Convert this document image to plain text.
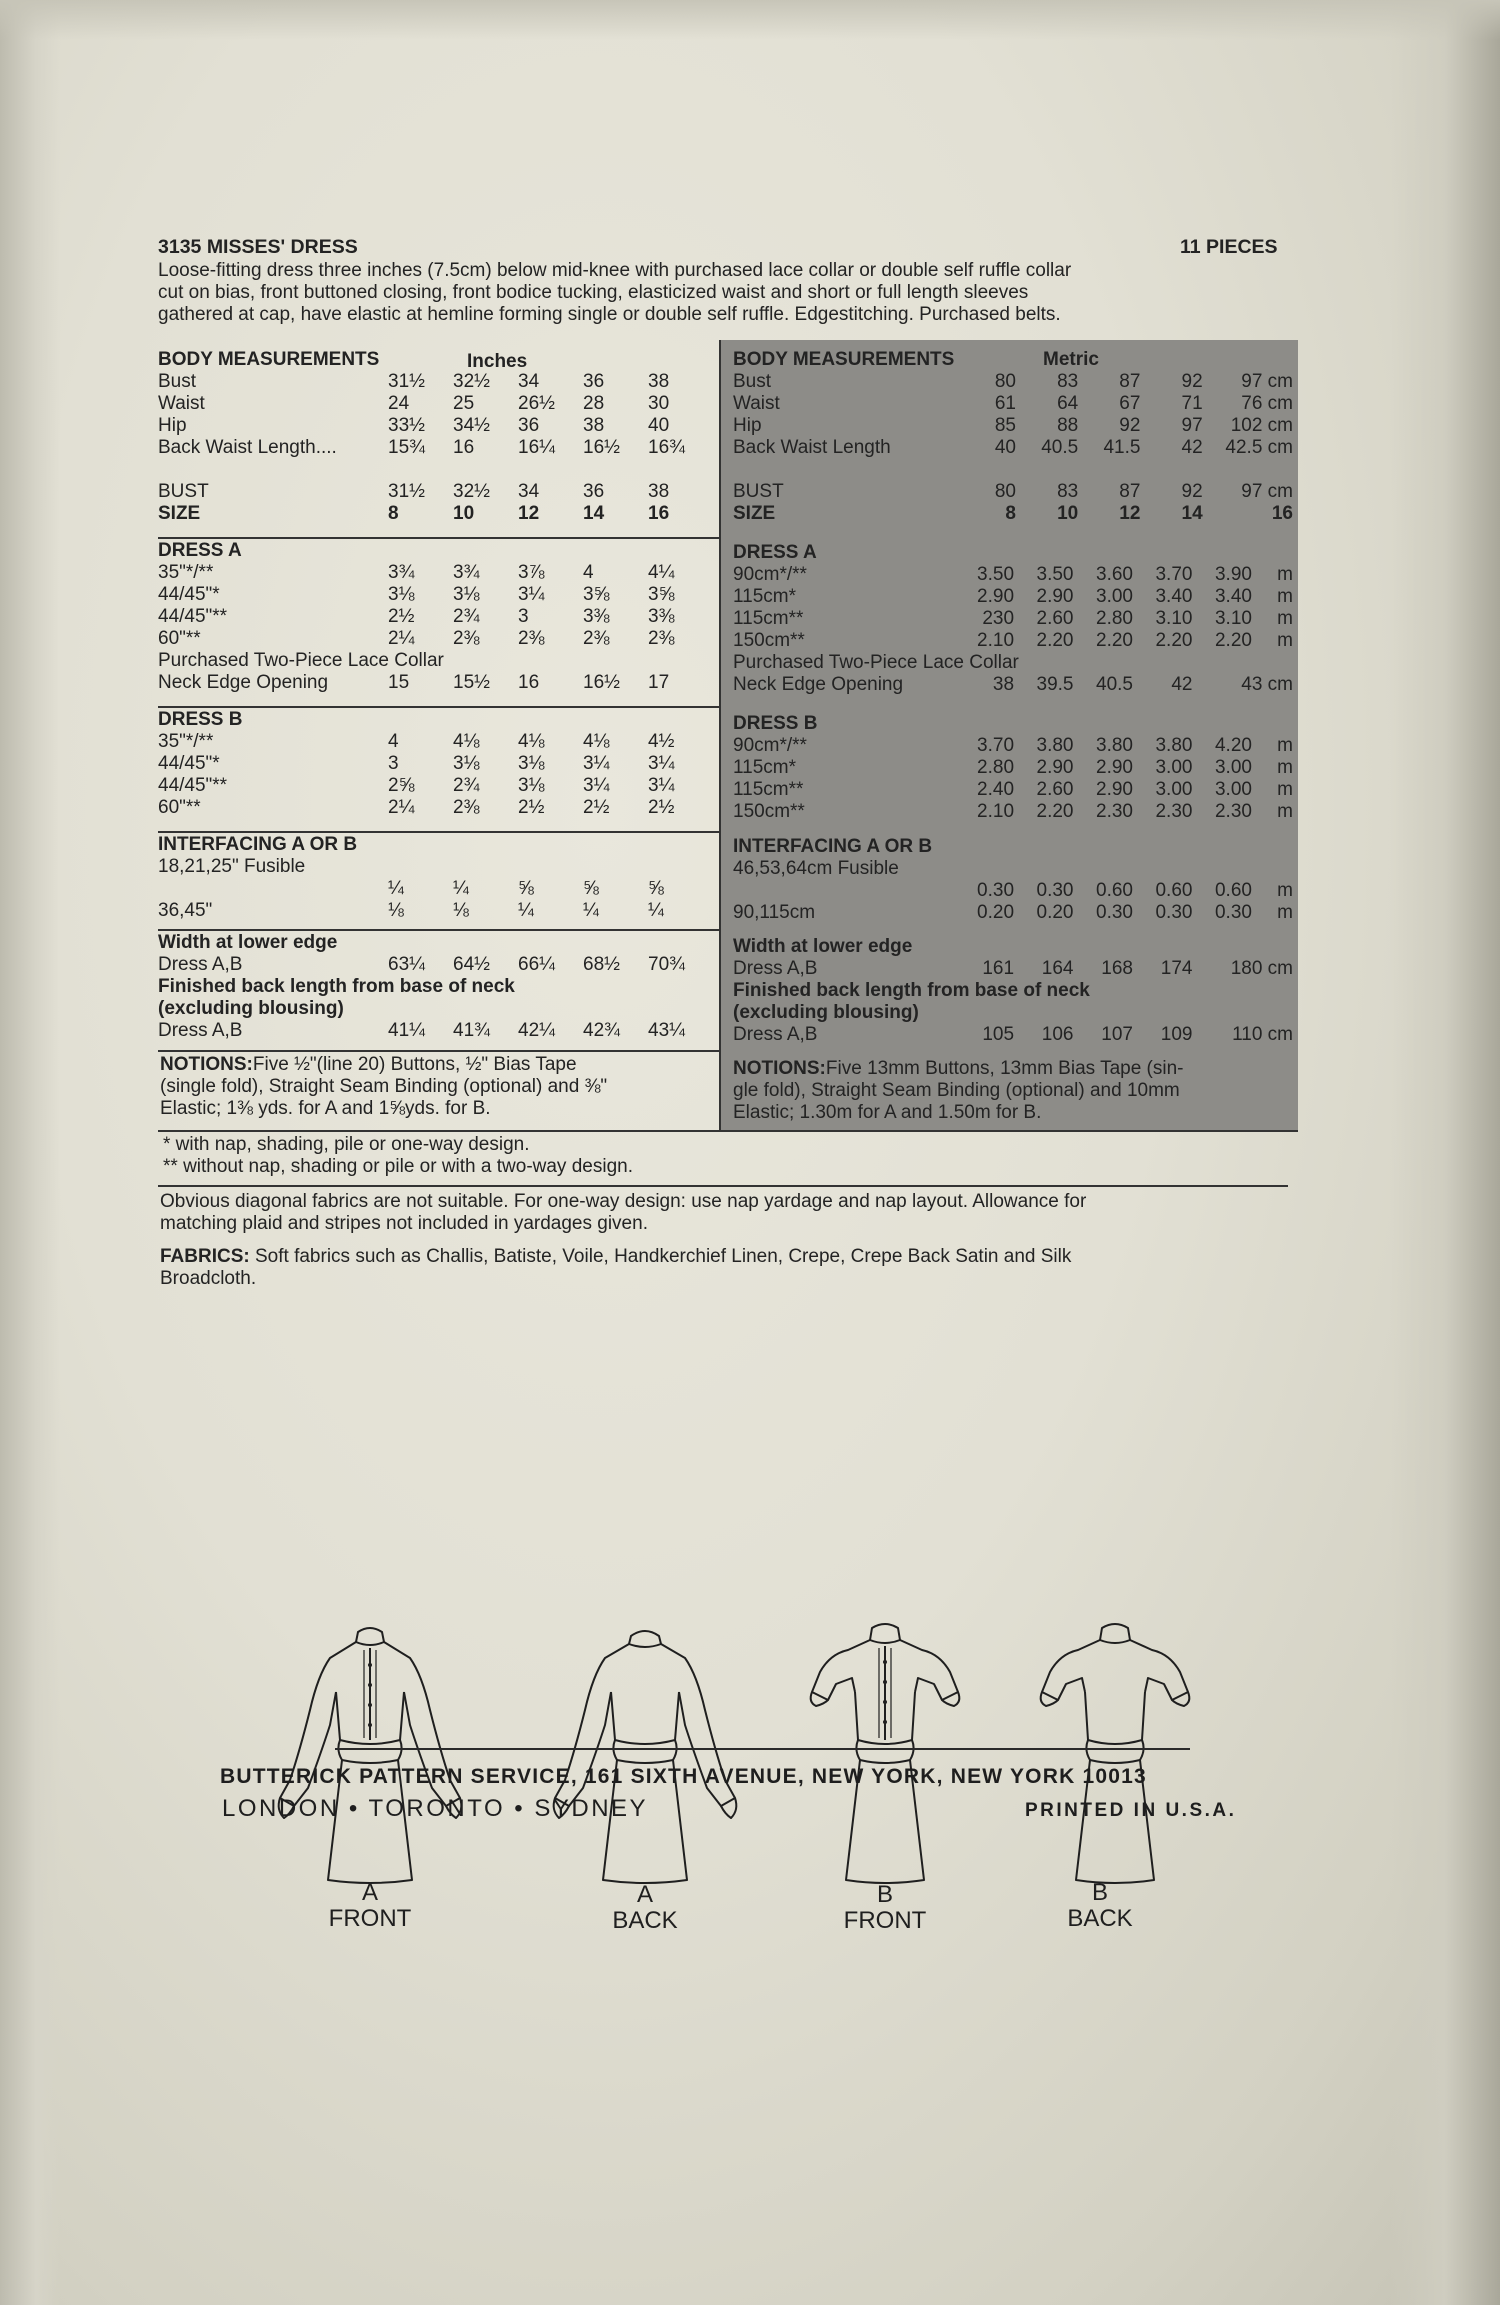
3135 MISSES' DRESS	11 PIECES
Loose-fitting dress three inches (7.5cm) below mid-knee with purchased lace collar or double self ruffle collar
cut on bias, front buttoned closing, front bodice tucking, elasticized waist and short or full length sleeves
gathered at cap, have elastic at hemline forming single or double self ruffle. Edgestitching. Purchased belts.
BODY MEASUREMENTS	Inches
Bust	31½	32½	34	36	38
Waist	24	25	26½	28	30
Hip	33½	34½	36	38	40
Back Waist Length....	15¾	16	16¼	16½	16¾

BUST	31½	32½	34	36	38
SIZE	8	10	12	14	16
DRESS A					
35"*/**	3¾	3¾	3⅞	4	4¼
44/45"*	3⅛	3⅛	3¼	3⅝	3⅝
44/45"**	2½	2¾	3	3⅜	3⅜
60"**	2¼	2⅜	2⅜	2⅜	2⅜
Purchased Two-Piece Lace Collar					
Neck Edge Opening	15	15½	16	16½	17
DRESS B					
35"*/**	4	4⅛	4⅛	4⅛	4½
44/45"*	3	3⅛	3⅛	3¼	3¼
44/45"**	2⅝	2¾	3⅛	3¼	3¼
60"**	2¼	2⅜	2½	2½	2½
INTERFACING A OR B					
18,21,25" Fusible					
	¼	¼	⅝	⅝	⅝
36,45"	⅛	⅛	¼	¼	¼
Width at lower edge					
Dress A,B	63¼	64½	66¼	68½	70¾
Finished back length from base of neck					
(excluding blousing)					
Dress A,B	41¼	41¾	42¼	42¾	43¼
NOTIONS:Five ½"(line 20) Buttons, ½" Bias Tape
(single fold), Straight Seam Binding (optional) and ⅜"
Elastic; 1⅜ yds. for A and 1⅝yds. for B.
BODY MEASUREMENTS	Metric
Bust	80	83	87	92	97 cm
Waist	61	64	67	71	76 cm
Hip	85	88	92	97	102 cm
Back Waist Length	40	40.5	41.5	42	42.5 cm

BUST	80	83	87	92	97 cm
SIZE	8	10	12	14	16
DRESS A						
90cm*/**	3.50	3.50	3.60	3.70	3.90	m
115cm*	2.90	2.90	3.00	3.40	3.40	m
115cm**	230	2.60	2.80	3.10	3.10	m
150cm**	2.10	2.20	2.20	2.20	2.20	m
Purchased Two-Piece Lace Collar						
Neck Edge Opening	38	39.5	40.5	42	43 cm	
DRESS B						
90cm*/**	3.70	3.80	3.80	3.80	4.20	m
115cm*	2.80	2.90	2.90	3.00	3.00	m
115cm**	2.40	2.60	2.90	3.00	3.00	m
150cm**	2.10	2.20	2.30	2.30	2.30	m
INTERFACING A OR B						
46,53,64cm Fusible						
	0.30	0.30	0.60	0.60	0.60	m
90,115cm	0.20	0.20	0.30	0.30	0.30	m
Width at lower edge					
Dress A,B	161	164	168	174	180 cm
Finished back length from base of neck					
(excluding blousing)					
Dress A,B	105	106	107	109	110 cm
NOTIONS:Five 13mm Buttons, 13mm Bias Tape (sin-
gle fold), Straight Seam Binding (optional) and 10mm
Elastic; 1.30m for A and 1.50m for B.
* with nap, shading, pile or one-way design.
** without nap, shading or pile or with a two-way design.
Obvious diagonal fabrics are not suitable. For one-way design: use nap yardage and nap layout. Allowance for
matching plaid and stripes not included in yardages given.
FABRICS: Soft fabrics such as Challis, Batiste, Voile, Handkerchief Linen, Crepe, Crepe Back Satin and Silk
Broadcloth.
A
FRONT
A
BACK
B
FRONT
B
BACK
BUTTERICK PATTERN SERVICE, 161 SIXTH AVENUE, NEW YORK, NEW YORK 10013
LONDON • TORONTO • SYDNEY	PRINTED IN U.S.A.
